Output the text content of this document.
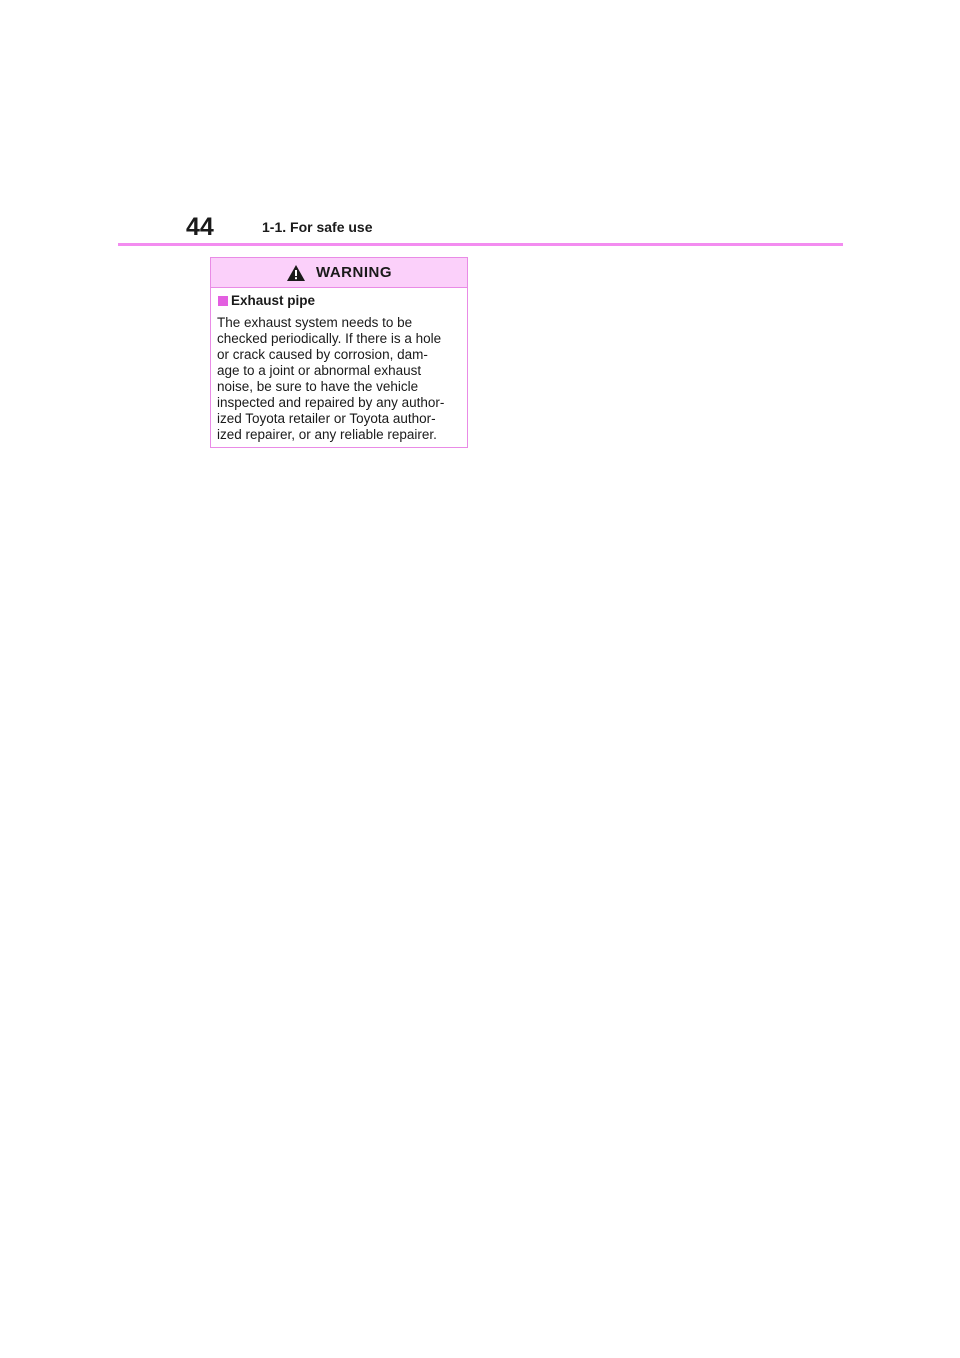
44	1-1. For safe use
WARNING
Exhaust pipe
The exhaust system needs to be
checked periodically. If there is a hole
or crack caused by corrosion, dam-
age to a joint or abnormal exhaust
noise, be sure to have the vehicle
inspected and repaired by any author-
ized Toyota retailer or Toyota author-
ized repairer, or any reliable repairer.
